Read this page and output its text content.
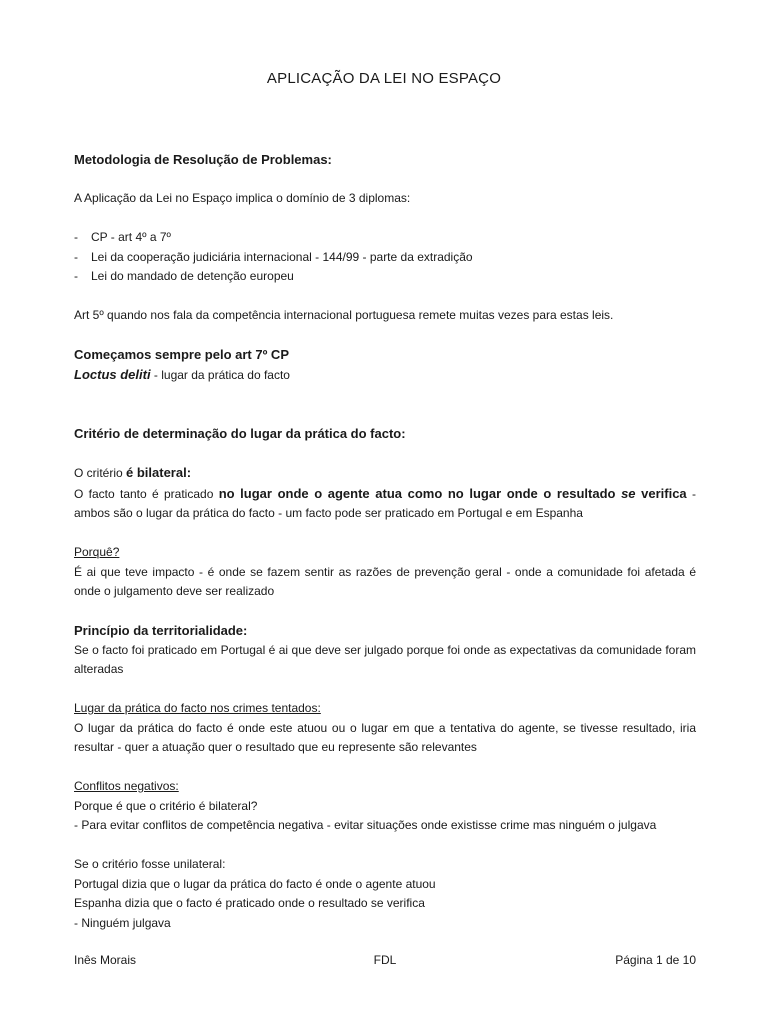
APLICAÇÃO DA LEI NO ESPAÇO

Metodologia de Resolução de Problemas:

A Aplicação da Lei no Espaço implica o domínio de 3 diplomas:

- CP - art 4º a 7º
- Lei da cooperação judiciária internacional - 144/99 - parte da extradição
- Lei do mandado de detenção europeu

Art 5º quando nos fala da competência internacional portuguesa remete muitas vezes para estas leis.

Começamos sempre pelo art 7º CP

Loctus deliti - lugar da prática do facto

Critério de determinação do lugar da prática do facto:

O critério é bilateral:

O facto tanto é praticado no lugar onde o agente atua como no lugar onde o resultado se verifica - ambos são o lugar da prática do facto - um facto pode ser praticado em Portugal e em Espanha

Porquê?

É ai que teve impacto - é onde se fazem sentir as razões de prevenção geral - onde a comunidade foi afetada é onde o julgamento deve ser realizado

Princípio da territorialidade:

Se o facto foi praticado em Portugal é ai que deve ser julgado porque foi onde as expectativas da comunidade foram alteradas

Lugar da prática do facto nos crimes tentados:

O lugar da prática do facto é onde este atuou ou o lugar em que a tentativa do agente, se tivesse resultado, iria resultar - quer a atuação quer o resultado que eu represente são relevantes

Conflitos negativos:

Porque é que o critério é bilateral?

- Para evitar conflitos de competência negativa - evitar situações onde existisse crime mas ninguém o julgava

Se o critério fosse unilateral:

Portugal dizia que o lugar da prática do facto é onde o agente atuou

Espanha dizia que o facto é praticado onde o resultado se verifica

- Ninguém julgava

Inês Morais	FDL	Página 1 de 10
